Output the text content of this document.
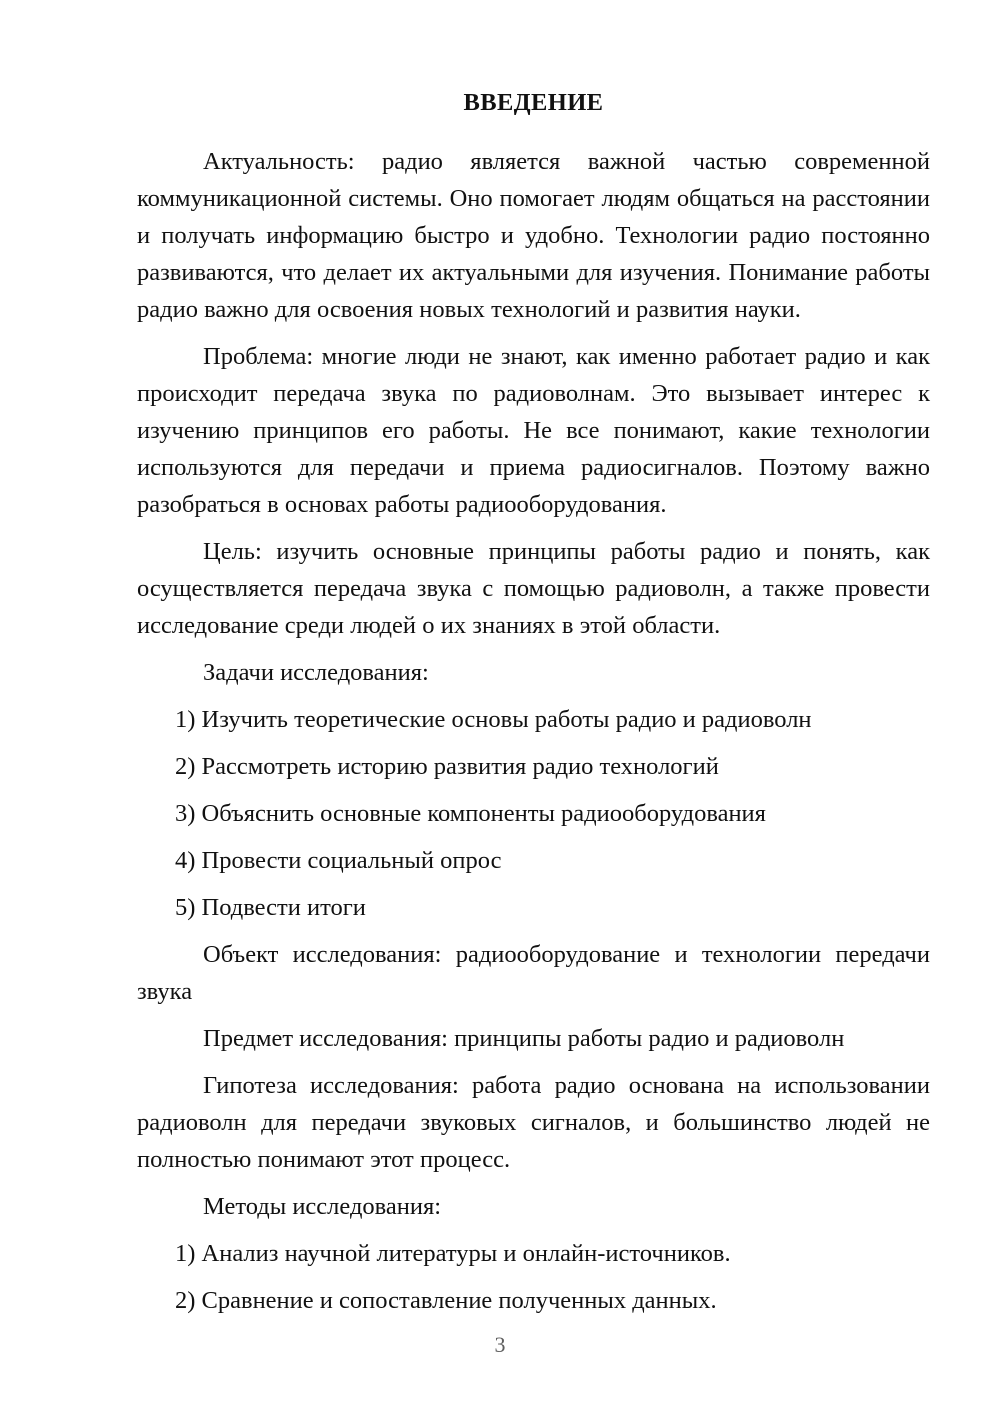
ВВЕДЕНИЕ

Актуальность: радио является важной частью современной коммуникационной системы. Оно помогает людям общаться на расстоянии и получать информацию быстро и удобно. Технологии радио постоянно развиваются, что делает их актуальными для изучения. Понимание работы радио важно для освоения новых технологий и развития науки.

Проблема: многие люди не знают, как именно работает радио и как происходит передача звука по радиоволнам. Это вызывает интерес к изучению принципов его работы. Не все понимают, какие технологии используются для передачи и приема радиосигналов. Поэтому важно разобраться в основах работы радиооборудования.

Цель: изучить основные принципы работы радио и понять, как осуществляется передача звука с помощью радиоволн, а также провести исследование среди людей о их знаниях в этой области.

Задачи исследования:

1) Изучить теоретические основы работы радио и радиоволн
2) Рассмотреть историю развития радио технологий
3) Объяснить основные компоненты радиооборудования
4) Провести социальный опрос
5) Подвести итоги

Объект исследования: радиооборудование и технологии передачи звука

Предмет исследования: принципы работы радио и радиоволн

Гипотеза исследования: работа радио основана на использовании радиоволн для передачи звуковых сигналов, и большинство людей не полностью понимают этот процесс.

Методы исследования:

1) Анализ научной литературы и онлайн-источников.
2) Сравнение и сопоставление полученных данных.
3
